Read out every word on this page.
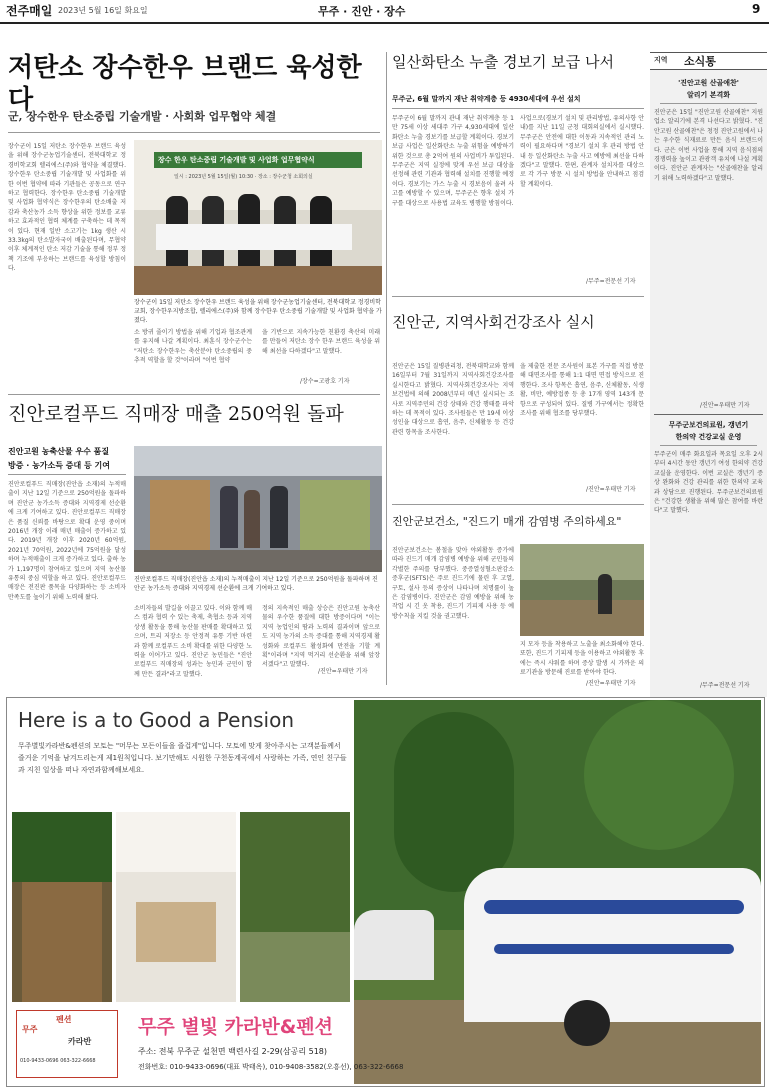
전주매일 2023년 5월 16일 화요일	무주 · 진안 · 장수	9
저탄소 장수한우 브랜드 육성한다
군, 장수한우 탄소중립 기술개발 · 사회화 업무협약 체결

장수군이 15일 저탄소 장수한우 브랜드 육성을 위해 장수군농업기술센터, 전북대학교 정경비학교회 렐리에스(주)와 협약을 체결했다. 장수한우 탄소중립 기술개발 및 사업화를 위한 이번 협약에 따라 기관들은 공동으로 연구하고 협력한다. 장수한우 탄소중립 기술개발 및 사업화 협약식은 장수한우의 탄소배출 저감과 축산농가 소득 향상을 위한 정보를 교류하고 효과적인 협력 체계를 구축하는 데 목적이 있다. 현재 일반 소고기는 1kg 생산 시 33.3kg의 탄소발자국이 배출된다며, 무협약 이후 체계적인 탄소 저감 기술을 통해 정부 정책 기조에 부응하는 브랜드를 육성할 방침이다.

소 방귀 줄이기 방법을 위해 기업과 협조관계를 유지해 나갈 계획이다. 최훈식 장수군수는 "저탄소 장수한우는 축산분야 탄소중립의 중추적 역할을 할 것"이라며 "이번 협약

을 기반으로 지속가능한 친환경 축산의 미래를 만들어 저탄소 장수 한우 브랜드 육성을 위해 최선을 다하겠다"고 말했다.

/장수=고광호 기자
장수 한우 탄소중립 기술개발 및 사업화 업무협약식
일시 : 2023년 5월 15일(월) 10:30 · 장소 : 장수군청 소회의실

장수군이 15일 저탄소 장수한우 브랜드 육성을 위해 장수군농업기술센터, 전북대학교 정경비학교회, 장수한우지방조합, 렐리에스(주)와 함께 장수한우 탄소중립 기술개발 및 사업화 협약을 가졌다.

진안로컬푸드 직매장 매출 250억원 돌파
진안고원 농축산물 우수 품질
방증 · 농가소득 증대 등 기여

진안로컬푸드 직매장(진안읍 소재)의 누적매출이 지난 12일 기준으로 250억원을 돌파하며 진안군 농가소득 증대와 지역경제 선순환에 크게 기여하고 있다. 진안로컬푸드 직매장은 품질 신뢰를 바탕으로 확대 운영 중이며 2016년 개장 이래 매년 매출이 증가하고 있다. 2019년 개장 이후 2020년 60억원, 2021년 70억원, 2022년에 75억원을 달성하며 누적매출이 크게 증가하고 있다. 출하 농가 1,197명이 참여하고 있으며 지역 농산물 유통의 중심 역할을 하고 있다. 진안로컬푸드 매장은 전진판 품목을 다양화하는 등 소비자 만족도를 높이기 위해 노력해 왔다.

소비자들의 발길을 이끌고 있다. 이와 함께 매스 컴과 협력 수 있는 축제, 축협소 등과 지역상생 활동을 통해 농산물 판매를 확대하고 있으며, 트리 저장소 등 안정적 유통 기반 마련과 함께 로컬푸드 소비 확대를 위한 다양한 노력을 이어가고 있다. 진안군 농민들은 "진안로컬푸드 직매장의 성과는 농민과 군민이 함께 만든 결과"라고 말했다.

정의 지속적인 매출 상승은 진안고원 농축산물의 우수한 품질에 대한 방증이다며 "이는 지역 농업인의 땀과 노력의 결과이며 앞으로도 지역 농가의 소득 증대를 통해 지역경제 활성화와 로컬푸드 활성화에 만전을 기할 계획"이라며 "지역 먹거리 선순환을 위해 앞장서겠다"고 말했다.

/진안=우태만 기자

진안로컬푸드 직매장(진안읍 소재)의 누적매출이 지난 12일 기준으로 250억원을 돌파하며 진안군 농가소득 증대와 지역경제 선순환에 크게 기여하고 있다.

일산화탄소 누출 경보기 보급 나서
무주군, 6월 말까지 재난 취약계층 등 4930세대에 우선 설치

무주군이 6월 말까지 관내 재난 취약계층 등 1만 75세 이상 세대주 가구 4,930세대에 일산화탄소 누출 경보기를 보급할 계획이다. 경보기 보급 사업은 일산화탄소 누출 위험을 예방하기 위한 것으로 총 2억여 원의 사업비가 투입된다. 무주군은 지역 실정에 맞게 우선 보급 대상을 선정해 관련 기관과 협력해 설치를 진행할 예정이다. 경보기는 가스 누출 시 경보음이 울려 사고를 예방할 수 있으며, 무주군은 향후 설치 가구를 대상으로 사용법 교육도 병행할 방침이다.

사업으로(경보기 설치 및 관리방법, 유의사항 안내)를 지난 11일 군청 대회의실에서 실시했다. 무주군은 안전에 대한 이동과 지속적인 관리 노력이 필요하다며 "경보기 설치 후 관리 방법 안내 등 일산화탄소 누출 사고 예방에 최선을 다하겠다"고 말했다. 한편, 관계자 설치자를 대상으로 각 가구 방문 시 설치 방법을 안내하고 점검할 계획이다.

/무주=전문선 기자
진안군, 지역사회건강조사 실시

진안군은 15일 질병관리청, 전북대학교와 함께 16일부터 7월 31일까지 지역사회건강조사를 실시한다고 밝혔다. 지역사회건강조사는 지역보건법에 의해 2008년부터 매년 실시되는 조사로 지역주민의 건강 상태와 건강 행태를 파악하는 데 목적이 있다. 조사원들은 만 19세 이상 성인을 대상으로 흡연, 음주, 신체활동 등 건강 관련 항목을 조사한다.

을 제출한 전문 조사원이 표본 가구를 직접 방문해 대면조사를 통해 1:1 대면 면접 방식으로 진행한다. 조사 항목은 흡연, 음주, 신체활동, 식생활, 비만, 예방접종 등 총 17개 영역 143개 문항으로 구성되어 있다. 질병 가구에서는 정확한 조사를 위해 협조를 당부했다.

/진안=우태만 기자
진안군보건소, "진드기 매개 감염병 주의하세요"

진안군보건소는 봄철을 맞아 야외활동 증가에 따라 진드기 매개 감염병 예방을 위해 군민들의 각별한 주의를 당부했다. 중증열성혈소판감소증후군(SFTS)은 주로 진드기에 물린 후 고열, 구토, 설사 등의 증상이 나타나며 치명률이 높은 감염병이다. 진안군은 감염 예방을 위해 농작업 시 긴 옷 착용, 진드기 기피제 사용 등 예방수칙을 지킬 것을 권고했다.

지 모자 등을 착용하고 노출을 최소화해야 한다. 또한, 진드기 기피제 등을 이용하고 야외활동 후에는 즉시 샤워를 하며 증상 발생 시 가까운 의료기관을 방문해 진료를 받아야 한다.

/진안=우태만 기자
지역 소식통
'진안고원 산골애찬'
알리기 본격화

진안군은 15일 "진안고원 산골애찬" 지원업소 알리기에 본격 나선다고 밝혔다. "진안고원 산골애찬"은 청정 진안고원에서 나는 우수한 식재료로 만든 음식 브랜드이다. 군은 이번 사업을 통해 지역 음식점의 경쟁력을 높이고 관광객 유치에 나설 계획이다. 진안군 관계자는 "산골애찬을 알리기 위해 노력하겠다"고 말했다.

/진안=우태만 기자
무주군보건의료원, 갱년기
한의약 건강교실 운영

무주군이 매주 화요일과 목요일 오후 2시부터 4시간 동안 갱년기 여성 한의약 건강교실을 운영한다. 이번 교실은 갱년기 증상 완화와 건강 관리를 위한 한의약 교육과 상담으로 진행된다. 무주군보건의료원은 "건강한 생활을 위해 많은 참여를 바란다"고 말했다.

/무주=전문선 기자
Here is a to Good a Pension

무주별빛카라반&펜션의 모토는 "머무는 모든이들을 즐겁게"입니다. 모토에 맞게 찾아주시는 고객분들께서 즐거운 기억을 남겨드리는게 제1원칙입니다. 보기만해도 시원한 구천동계곡에서 사랑하는 가족, 연인 친구들과 지친 일상을 떠나 자연과함께해보세요.

무주
펜션
카라반
010-9433-0696 063-322-6668
무주 별빛 카라반&펜션
주소: 전북 무주군 설천면 백련사길 2-29(삼공리 518)
전화번호: 010-9433-0696(대표 박태옥), 010-9408-3582(오흥선), 063-322-6668
